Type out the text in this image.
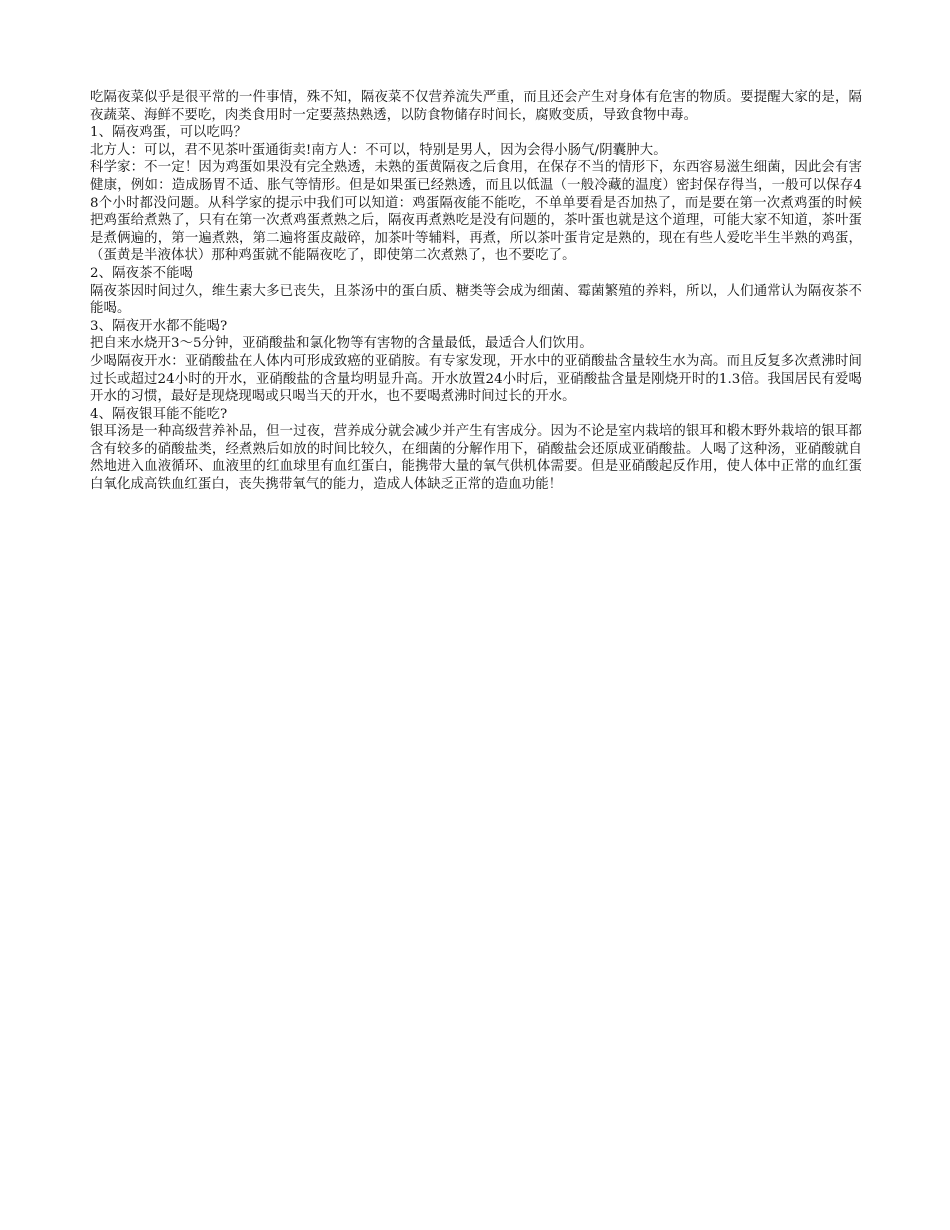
吃隔夜菜似乎是很平常的一件事情，殊不知，隔夜菜不仅营养流失严重，而且还会产生对身体有危害的物质。要提醒大家的是，隔夜蔬菜、海鲜不要吃，肉类食用时一定要蒸热熟透，以防食物储存时间长，腐败变质，导致食物中毒。

1、隔夜鸡蛋，可以吃吗？

北方人：可以，君不见茶叶蛋通街卖!南方人：不可以，特别是男人，因为会得小肠气/阴囊肿大。

科学家：不一定！因为鸡蛋如果没有完全熟透，未熟的蛋黄隔夜之后食用，在保存不当的情形下，东西容易滋生细菌，因此会有害健康，例如：造成肠胃不适、胀气等情形。但是如果蛋已经熟透，而且以低温（一般冷藏的温度）密封保存得当，一般可以保存48个小时都没问题。从科学家的提示中我们可以知道：鸡蛋隔夜能不能吃，不单单要看是否加热了，而是要在第一次煮鸡蛋的时候把鸡蛋给煮熟了，只有在第一次煮鸡蛋煮熟之后，隔夜再煮熟吃是没有问题的，茶叶蛋也就是这个道理，可能大家不知道，茶叶蛋是煮俩遍的，第一遍煮熟，第二遍将蛋皮敲碎，加茶叶等辅料，再煮，所以茶叶蛋肯定是熟的，现在有些人爱吃半生半熟的鸡蛋，（蛋黄是半液体状）那种鸡蛋就不能隔夜吃了，即使第二次煮熟了，也不要吃了。

2、隔夜茶不能喝

隔夜茶因时间过久，维生素大多已丧失，且茶汤中的蛋白质、糖类等会成为细菌、霉菌繁殖的养料，所以，人们通常认为隔夜茶不能喝。

3、隔夜开水都不能喝?

把自来水烧开3～5分钟，亚硝酸盐和氯化物等有害物的含量最低，最适合人们饮用。

少喝隔夜开水：亚硝酸盐在人体内可形成致癌的亚硝胺。有专家发现，开水中的亚硝酸盐含量较生水为高。而且反复多次煮沸时间过长或超过24小时的开水，亚硝酸盐的含量均明显升高。开水放置24小时后，亚硝酸盐含量是刚烧开时的1.3倍。我国居民有爱喝开水的习惯，最好是现烧现喝或只喝当天的开水，也不要喝煮沸时间过长的开水。

4、隔夜银耳能不能吃?

银耳汤是一种高级营养补品，但一过夜，营养成分就会减少并产生有害成分。因为不论是室内栽培的银耳和椴木野外栽培的银耳都含有较多的硝酸盐类，经煮熟后如放的时间比较久，在细菌的分解作用下，硝酸盐会还原成亚硝酸盐。人喝了这种汤，亚硝酸就自然地进入血液循环、血液里的红血球里有血红蛋白，能携带大量的氧气供机体需要。但是亚硝酸起反作用，使人体中正常的血红蛋白氧化成高铁血红蛋白，丧失携带氧气的能力，造成人体缺乏正常的造血功能！
